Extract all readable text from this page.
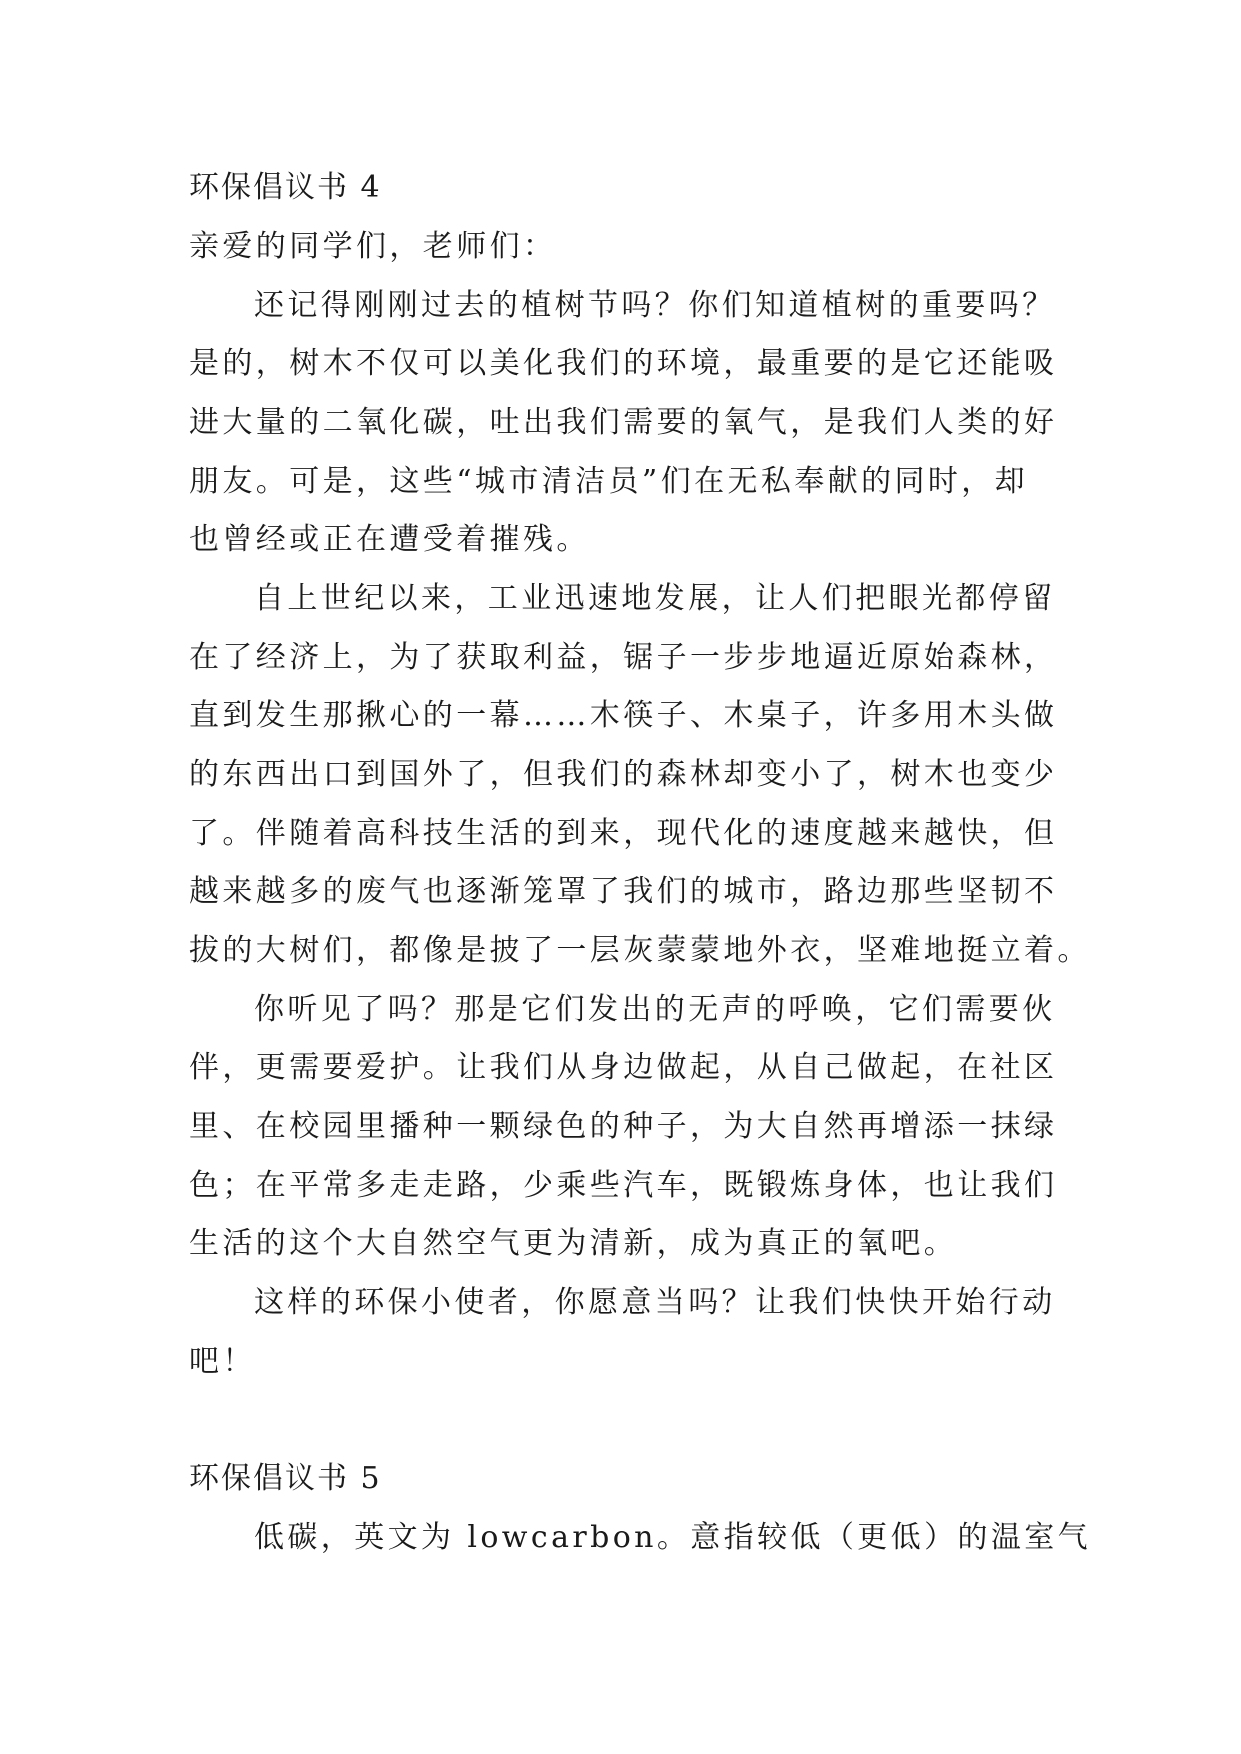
环保倡议书 4

亲爱的同学们，老师们：

还记得刚刚过去的植树节吗？你们知道植树的重要吗？

是的，树木不仅可以美化我们的环境，最重要的是它还能吸

进大量的二氧化碳，吐出我们需要的氧气，是我们人类的好

朋友。可是，这些“城市清洁员”们在无私奉献的同时，却

也曾经或正在遭受着摧残。

自上世纪以来，工业迅速地发展，让人们把眼光都停留

在了经济上，为了获取利益，锯子一步步地逼近原始森林，

直到发生那揪心的一幕……木筷子、木桌子，许多用木头做

的东西出口到国外了，但我们的森林却变小了，树木也变少

了。伴随着高科技生活的到来，现代化的速度越来越快，但

越来越多的废气也逐渐笼罩了我们的城市，路边那些坚韧不

拔的大树们，都像是披了一层灰蒙蒙地外衣，坚难地挺立着。

你听见了吗？那是它们发出的无声的呼唤，它们需要伙

伴，更需要爱护。让我们从身边做起，从自己做起，在社区

里、在校园里播种一颗绿色的种子，为大自然再增添一抹绿

色；在平常多走走路，少乘些汽车，既锻炼身体，也让我们

生活的这个大自然空气更为清新，成为真正的氧吧。

这样的环保小使者，你愿意当吗？让我们快快开始行动

吧！

环保倡议书 5

低碳，英文为 lowcarbon。意指较低（更低）的温室气
